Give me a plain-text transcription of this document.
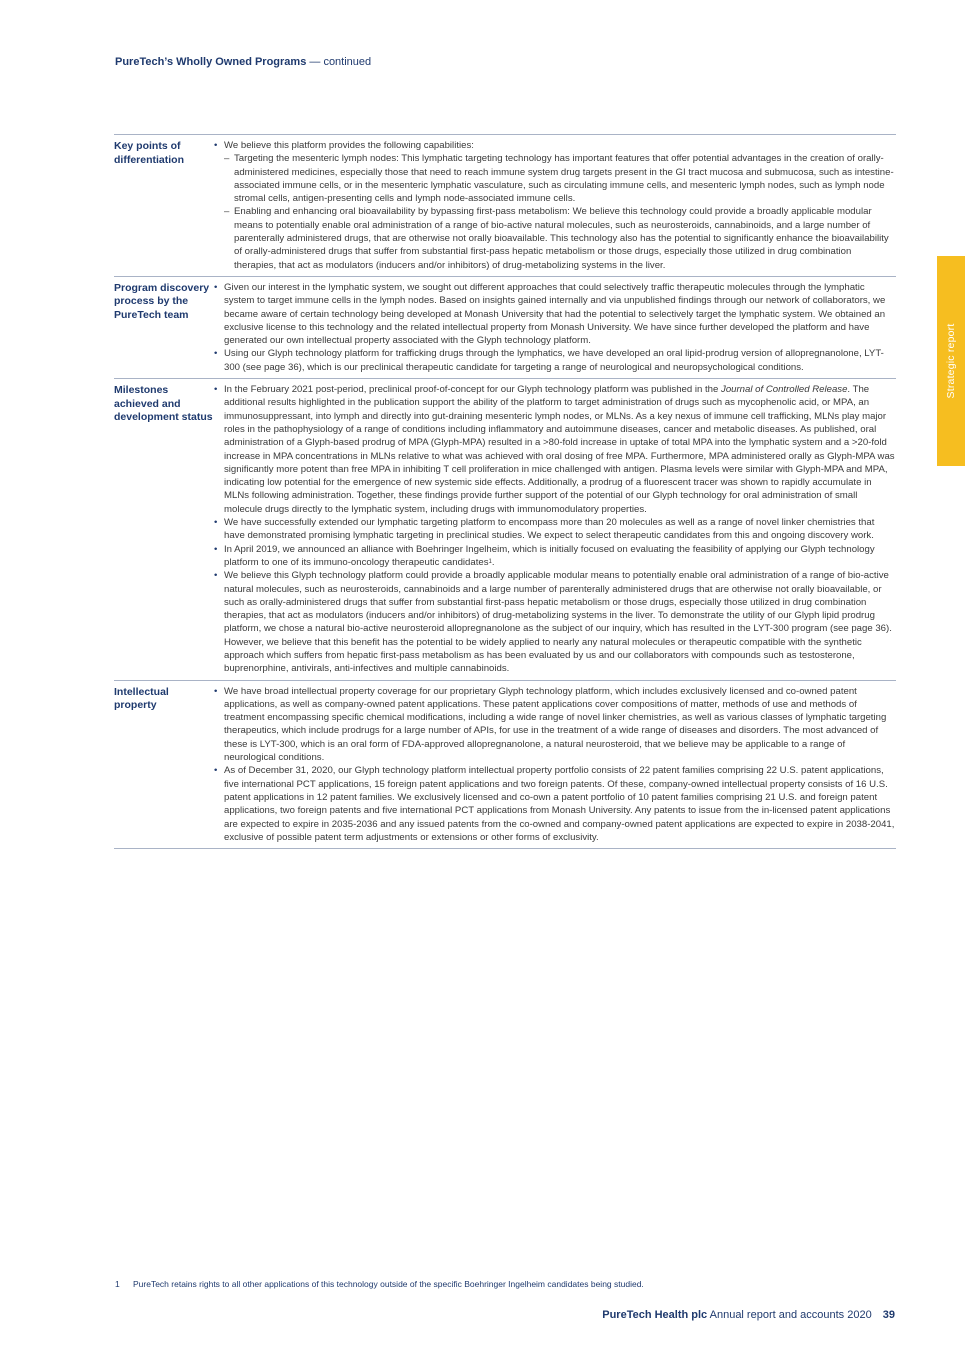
PureTech’s Wholly Owned Programs — continued
Strategic report
Key points of differentiation

• We believe this platform provides the following capabilities:

– Targeting the mesenteric lymph nodes: This lymphatic targeting technology has important features that offer potential advantages in the creation of orally-administered medicines, especially those that need to reach immune system drug targets present in the GI tract mucosa and submucosa, such as intestine-associated immune cells, or in the mesenteric lymphatic vasculature, such as circulating immune cells, and mesenteric lymph nodes, such as lymph node stromal cells, antigen-presenting cells and lymph node-associated immune cells.

– Enabling and enhancing oral bioavailability by bypassing first-pass metabolism: We believe this technology could provide a broadly applicable modular means to potentially enable oral administration of a range of bio-active natural molecules, such as neurosteroids, cannabinoids, and a large number of parenterally administered drugs, that are otherwise not orally bioavailable. This technology also has the potential to significantly enhance the bioavailability of orally-administered drugs that suffer from substantial first-pass hepatic metabolism or those drugs, especially those utilized in drug combination therapies, that act as modulators (inducers and/or inhibitors) of drug-metabolizing systems in the liver.

Program discovery process by the PureTech team

• Given our interest in the lymphatic system, we sought out different approaches that could selectively traffic therapeutic molecules through the lymphatic system to target immune cells in the lymph nodes. Based on insights gained internally and via unpublished findings through our network of collaborators, we became aware of certain technology being developed at Monash University that had the potential to selectively target the lymphatic system. We obtained an exclusive license to this technology and the related intellectual property from Monash University. We have since further developed the platform and have generated our own intellectual property associated with the Glyph technology platform.

• Using our Glyph technology platform for trafficking drugs through the lymphatics, we have developed an oral lipid-prodrug version of allopregnanolone, LYT-300 (see page 36), which is our preclinical therapeutic candidate for targeting a range of neurological and neuropsychological conditions.

Milestones achieved and development status

• In the February 2021 post-period, preclinical proof-of-concept for our Glyph technology platform was published in the Journal of Controlled Release. The additional results highlighted in the publication support the ability of the platform to target administration of drugs such as mycophenolic acid, or MPA, an immunosuppressant, into lymph and directly into gut-draining mesenteric lymph nodes, or MLNs. As a key nexus of immune cell trafficking, MLNs play major roles in the pathophysiology of a range of conditions including inflammatory and autoimmune diseases, cancer and metabolic diseases. As published, oral administration of a Glyph-based prodrug of MPA (Glyph-MPA) resulted in a >80-fold increase in uptake of total MPA into the lymphatic system and a >20-fold increase in MPA concentrations in MLNs relative to what was achieved with oral dosing of free MPA. Furthermore, MPA administered orally as Glyph-MPA was significantly more potent than free MPA in inhibiting T cell proliferation in mice challenged with antigen. Plasma levels were similar with Glyph-MPA and MPA, indicating low potential for the emergence of new systemic side effects. Additionally, a prodrug of a fluorescent tracer was shown to rapidly accumulate in MLNs following administration. Together, these findings provide further support of the potential of our Glyph technology for oral administration of small molecule drugs directly to the lymphatic system, including drugs with immunomodulatory properties.

• We have successfully extended our lymphatic targeting platform to encompass more than 20 molecules as well as a range of novel linker chemistries that have demonstrated promising lymphatic targeting in preclinical studies. We expect to select therapeutic candidates from this and ongoing discovery work.

• In April 2019, we announced an alliance with Boehringer Ingelheim, which is initially focused on evaluating the feasibility of applying our Glyph technology platform to one of its immuno-oncology therapeutic candidates$^1$.

• We believe this Glyph technology platform could provide a broadly applicable modular means to potentially enable oral administration of a range of bio-active natural molecules, such as neurosteroids, cannabinoids and a large number of parenterally administered drugs that are otherwise not orally bioavailable, or such as orally-administered drugs that suffer from substantial first-pass hepatic metabolism or those drugs, especially those utilized in drug combination therapies, that act as modulators (inducers and/or inhibitors) of drug-metabolizing systems in the liver. To demonstrate the utility of our Glyph lipid prodrug platform, we chose a natural bio-active neurosteroid allopregnanolone as the subject of our inquiry, which has resulted in the LYT-300 program (see page 36). However, we believe that this benefit has the potential to be widely applied to nearly any natural molecules or therapeutic compatible with the synthetic approach which suffers from hepatic first-pass metabolism as has been evaluated by us and our collaborators with compounds such as testosterone, buprenorphine, antivirals, anti-infectives and multiple cannabinoids.

Intellectual property

• We have broad intellectual property coverage for our proprietary Glyph technology platform, which includes exclusively licensed and co-owned patent applications, as well as company-owned patent applications. These patent applications cover compositions of matter, methods of use and methods of treatment encompassing specific chemical modifications, including a wide range of novel linker chemistries, as well as various classes of lymphatic targeting therapeutics, which include prodrugs for a large number of APIs, for use in the treatment of a wide range of diseases and disorders. The most advanced of these is LYT-300, which is an oral form of FDA-approved allopregnanolone, a natural neurosteroid, that we believe may be applicable to a range of neurological conditions.

• As of December 31, 2020, our Glyph technology platform intellectual property portfolio consists of 22 patent families comprising 22 U.S. patent applications, five international PCT applications, 15 foreign patent applications and two foreign patents. Of these, company-owned intellectual property consists of 16 U.S. patent applications in 12 patent families. We exclusively licensed and co-own a patent portfolio of 10 patent families comprising 21 U.S. and foreign patent applications, two foreign patents and five international PCT applications from Monash University. Any patents to issue from the in-licensed patent applications are expected to expire in 2035-2036 and any issued patents from the co-owned and company-owned patent applications are expected to expire in 2038-2041, exclusive of possible patent term adjustments or extensions or other forms of exclusivity.

1 PureTech retains rights to all other applications of this technology outside of the specific Boehringer Ingelheim candidates being studied.
PureTech Health plc Annual report and accounts 2020 39
